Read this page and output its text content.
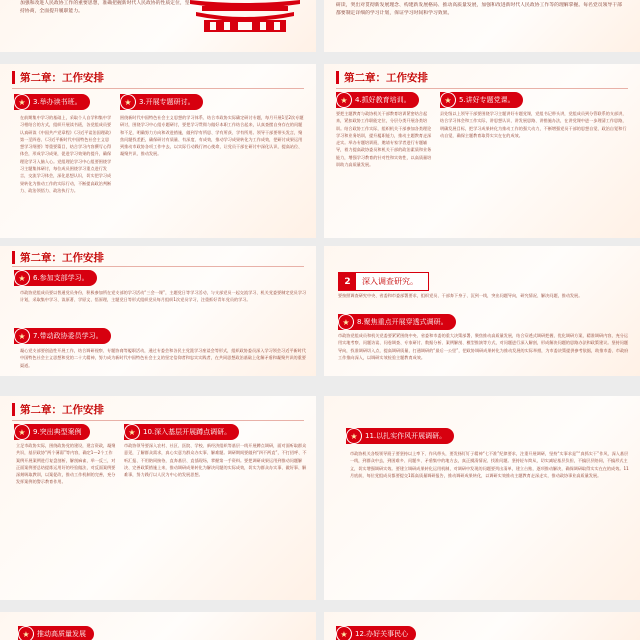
加强和改进人民政协工作的重要思想，准确把握新时代人民政协的性质定位，坚持协商，全面提升履职能力。
研读，突出对贯彻新发展理念、构建新发展格局、推动高质量发展，加强和改进新时代人民政协工作等的理解掌握。每名党员领导干部都要制定详细的学习计划，保证学习时间和学习效果。
第二章：工作安排
★	3.举办读书班。	★	3.开展专题研讨。
在前期集中学习的基础上，采取个人自学和集中学习相结合的方式，组织开展读书班，各党组成员要认真研读《中国共产党章程》《习近平谈治国理政》第一至四卷、《习近平新时代中国特色社会主义思想学习纲要》等重要篇目，结合学习内容撰写心得体会，形成学习成果，促进学习效果的提升，确保理论学习入脑入心。党组理论学习中心组要围绕学习主题集体研讨，每位成员围绕学习重点进行发言，交流学习体会，深化思想认识，切实把学习成果转化为推动工作的实际行动，不断提高政治判断力、政治领悟力、政治执行力。
围绕新时代中国特色社会主义思想的学习体系、结合市政协实际确定研讨专题，每月开展1至2次专题研讨，围绕学习中心组专题研讨，要把学习贯彻与做好本职工作结合起来，认真查摆自身存在的问题和不足，明确努力方向和改进措施，做到学有所思、学有所获、学有所用。领导干部要带头发言，聚焦问题找差距，确保研讨有质量、有深度、有成效，推动学习成果转化为工作成效，把研讨成果运用到推动市政协各项工作中去，以实际行动践行初心使命，让党员干部在研讨中深化认识、提高站位、凝聚共识、推动发展。
第二章：工作安排
★	4.抓好教育培训。	★	5.讲好专题党课。
要把主题教育与政协机关干部教育培训紧密结合起来，紧扣政协工作职能定位，分层分类开展各类培训。结合政协工作实际，组织机关干部参加各类理论学习和业务培训，提升履职能力，推动主题教育走深走实。举办专题培训班，邀请专家学者进行专题辅导，着力提高政协委员和机关干部的政治素质和业务能力，增强学习教育的针对性和实效性，以高质量培训助力高质量发展。
县处级以上领导干部要围绕学习主题讲好专题党课，党组书记带头讲，党组成员到分管联系的支部讲，结合学习体会和工作实际，讲思想认识、讲发展思路、讲措施办法，在讲党课中进一步理清工作思路，明确发展目标，把学习成果转化为推动工作的强大动力，不断增强党员干部的思想自觉、政治自觉和行动自觉，确保主题教育取得实实在在的成效。
第二章：工作安排
★	6.参加支部学习。
市政协党组成员要以普通党员身份，积极参加所在党支部的学习活动“三会一课”，主题党日等学习活动，与支部党员一起交流学习、机关党委要制定党员学习计划，采取集中学习、读原著、学原文、悟原理，主题党日等形式组织党员每月组织1次党员学习，注重抓好青年党员的学习。
★	7.带动政协委员学习。
凝心党支部要创造性开展工作，结合调研视察、专题协商等履职活动，通过专委会和各民主党派学习座谈会等形式，组织政协委员深入学习领会习近平新时代中国特色社会主义思想和党的二十大精神，努力成为新时代中国特色社会主义的坚定信仰者和忠实实践者，在共同思想政治基础上化解矛盾和凝聚共识的重要渠道。
2	深入调查研究。
要按照调查研究中央、省委和市委部署要求，组织党员、干部奔下身子、沉到一线，突出问题导向，研究情况、解决问题，推动发展。
★	8.聚焦重点开展穿透式调研。
市政协党组成员和机关党委要紧紧围绕中央、省委和市委的重大决策部署，聚焦推动高质量发展，结合穿透式调研把握、优化调研方案，精准调研内容，充分运用实地考察、问题访谈、问卷调查、专家研讨、数据分析、案例解剖、模型推演等方式，对问题进行深入解剖，形成解决问题的思路办法和政策建议。坚持问题导向，找准调研切入点，提高调研质量，打通调研的“最后一公里”，把政协调研成果转化为推动发展的实际举措，为市委决策提供参考依据，助推市委、市政府工作推向深入，以调研实效检验主题教育成效。
第二章：工作安排
★	9.突出典型案例	★	10.深入基层开展蹲点调研。
立足市政协实际，围绕政协党的建设，建言资政，凝聚共识，基层政协“两个薄弱”等内容，确定1—2个工作案例开展案例进行复盘剖析，解剖麻雀，举一反三，对正面案例要总结提炼运用好的经验做法，对反面案例要深刻吸取教训，以案促改，推动工作机制的完善，充分发挥案例的警示教育作用。
市政协领导要深入农村、社区、医院、学校、新经济组织等基层一线开展蹲点调研，面对面听取群众意见，了解群众需求，真心实意为群众办实事、解难题。调研期间要做到“四不两直”，不打招呼、不听汇报、不用陪同接待，直奔基层、直插现场，掌握第一手资料。要把调研成果运用到推动问题解决、完善政策措施上来，推动调研成果转化为解决问题的实际成效，切实为群众办实事、做好事、解难事，努力践行以人民为中心的发展思想。
★	11.以扎实作风开展调研。
市政协机关各级领导班子要坚持以上率下、作风带头，要发扬钉钉子精神“七不准”纪律要求，注重开展调研，坚持“实事求是”“真抓实干”作风，深入基层一线，到群众中去，到困难多、问题多、矛盾集中的地方去，真正摸清情况、找准问题。坚持轻车简从，切实减轻基层负担，不搞层层陪同，不搞形式主义，切实增强调研实效。要建立调研成果转化运用机制，对调研中发现的问题要列出清单，建立台账，逐项推动解决，确保调研取得实实在在的成效。11月底前，每位党组成员都要提交1篇高质量调研报告，推动调研成果转化，以调研实效推动主题教育走深走实，推动政协事业高质量发展。
★	推动高质量发展	★	12.办好关事民心
